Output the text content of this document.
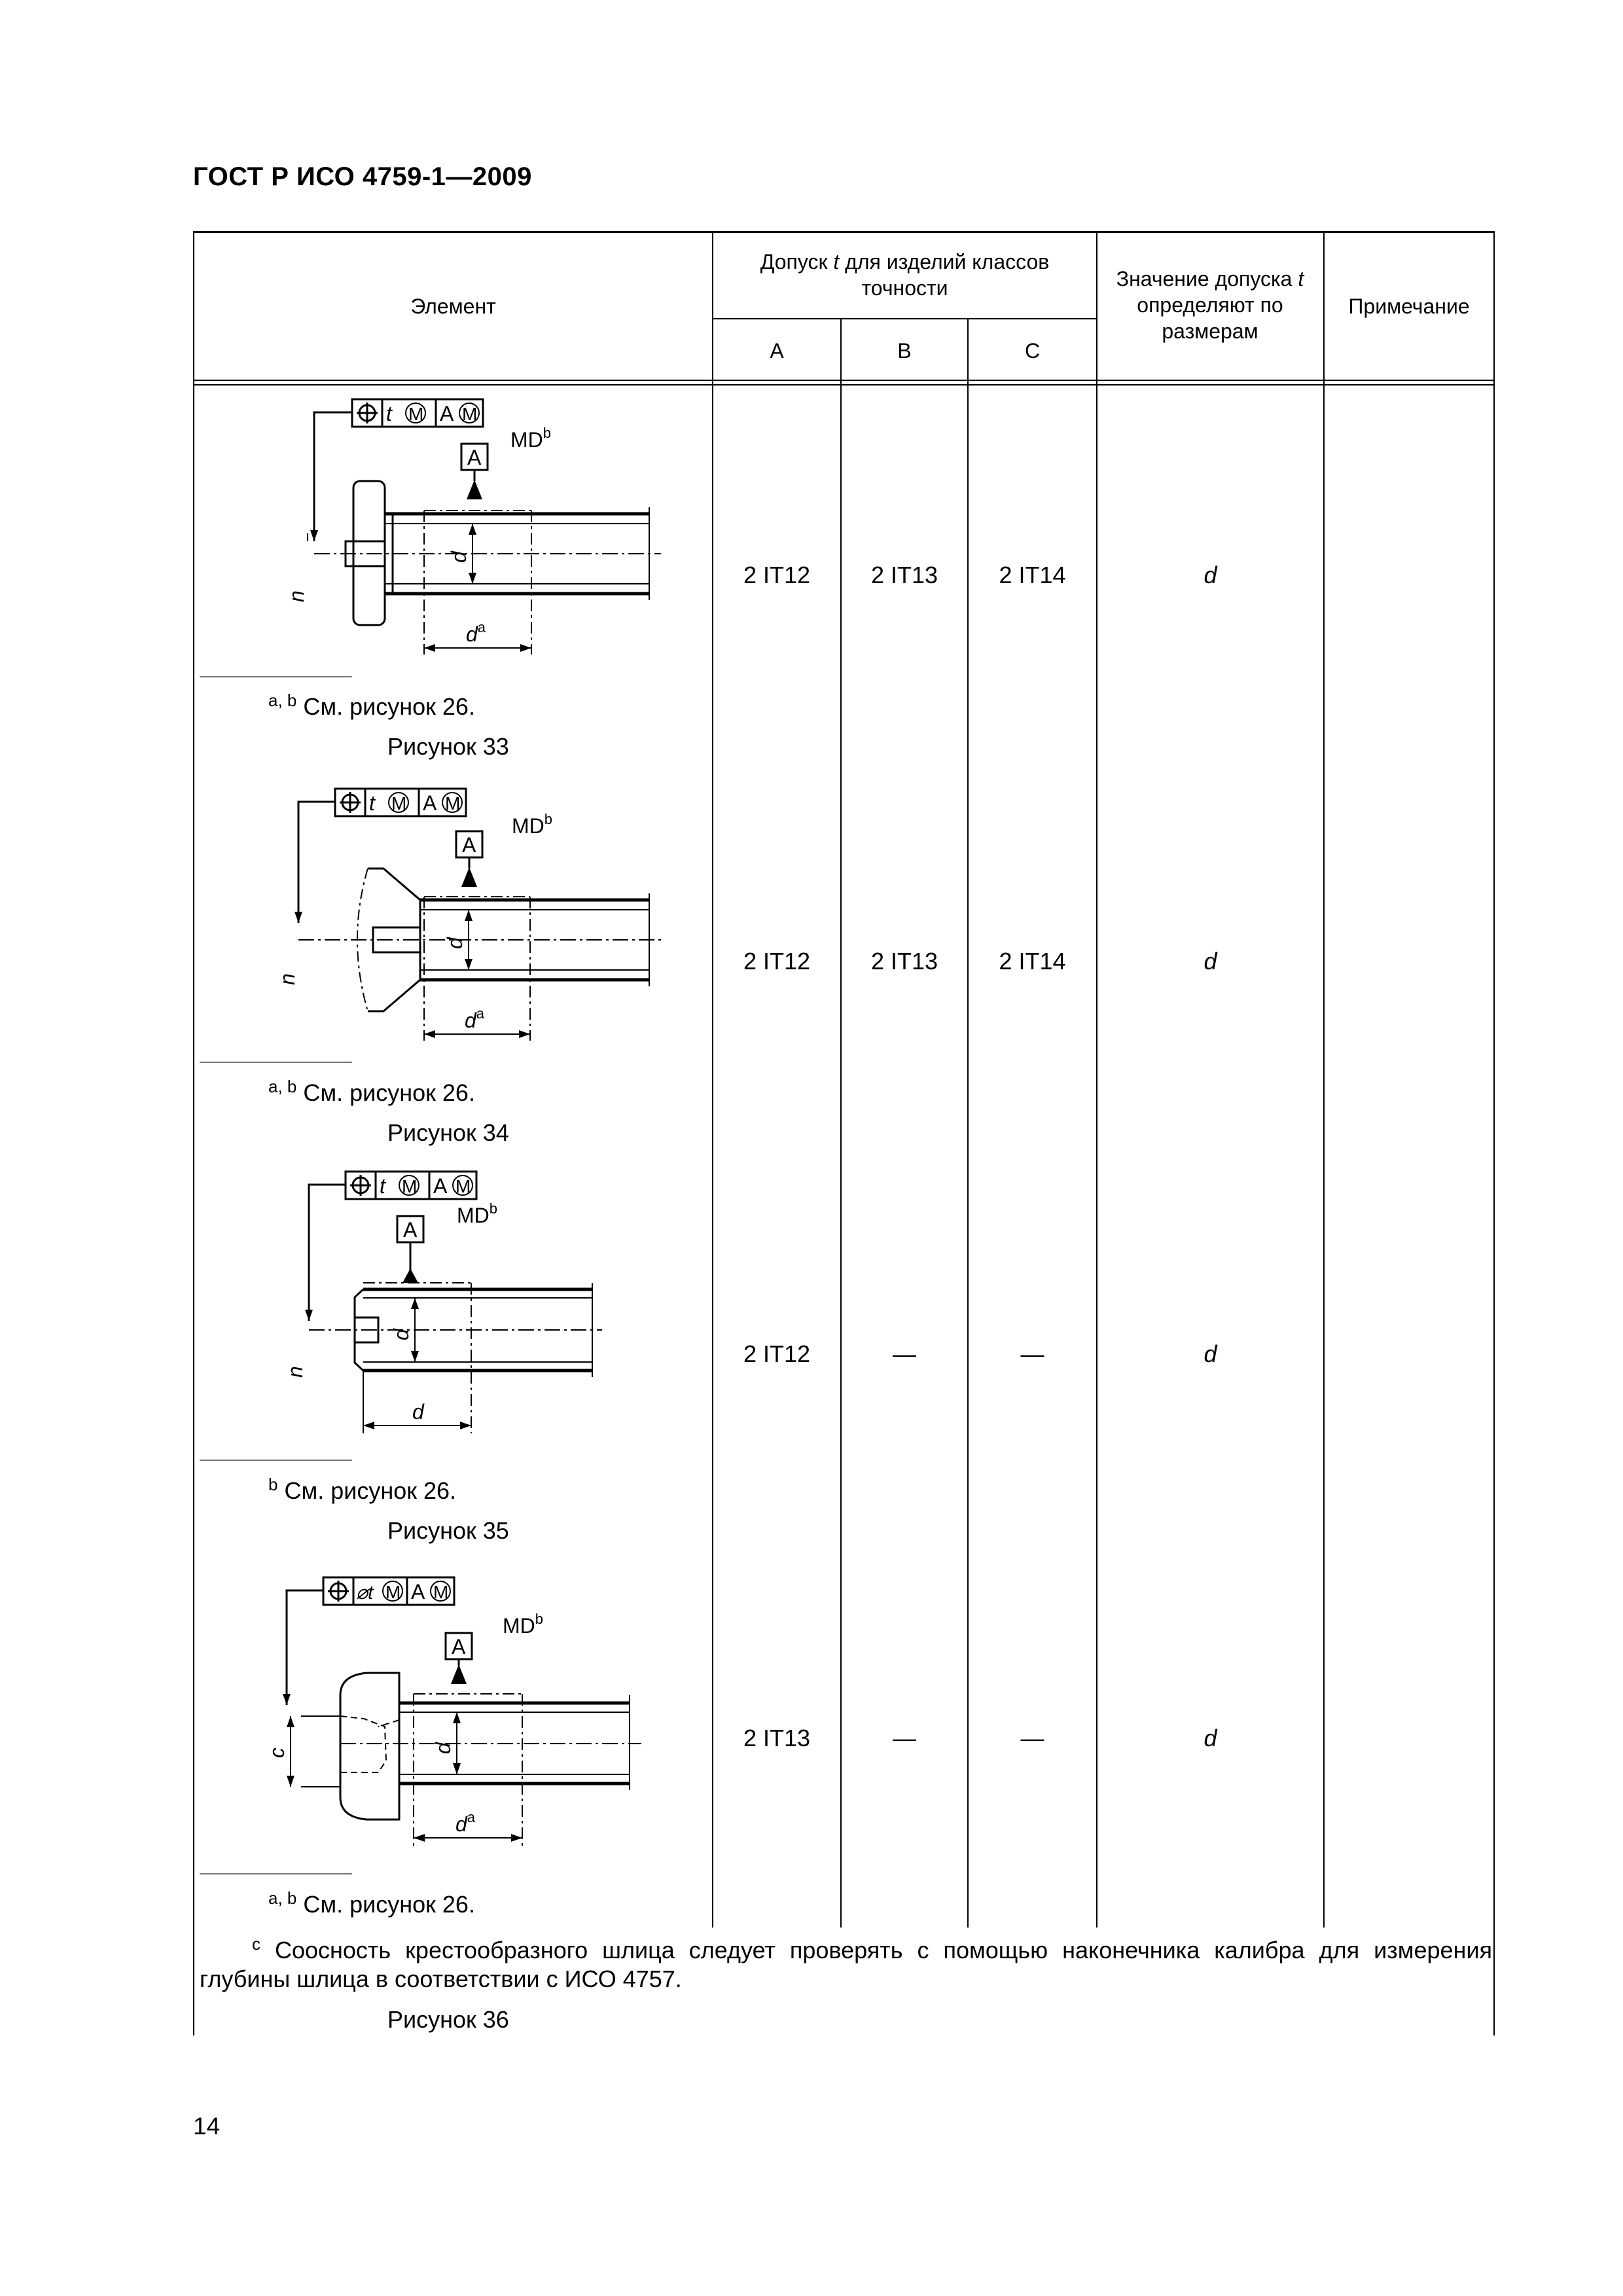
ГОСТ Р ИСО 4759-1—2009
Элемент
Допуск t для изделий классов точности
A	B	C
Значение допуска t определяют по размерам
Примечание
2 IT12	2 IT13	2 IT14	d
2 IT12	2 IT13	2 IT14	d
2 IT12	—	—	d
2 IT13	—	—	d
t M A M
A
$MD^b$
d
$d^a$
n
$^{a, b}$ См. рисунок 26.
Рисунок 33
t M A M
A
$MD^b$
d
$d^a$
n
$^{a, b}$ См. рисунок 26.
Рисунок 34
t M A M
A
$MD^b$
d
d
n
$^b$ См. рисунок 26.
Рисунок 35
⌀t M A M
A
$MD^b$
d
$d^a$
c
$^{a, b}$ См. рисунок 26.
$^c$ Соосность крестообразного шлица следует проверять с помощью наконечника калибра для измерения глубины шлица в соответствии с ИСО 4757.
Рисунок 36
14
